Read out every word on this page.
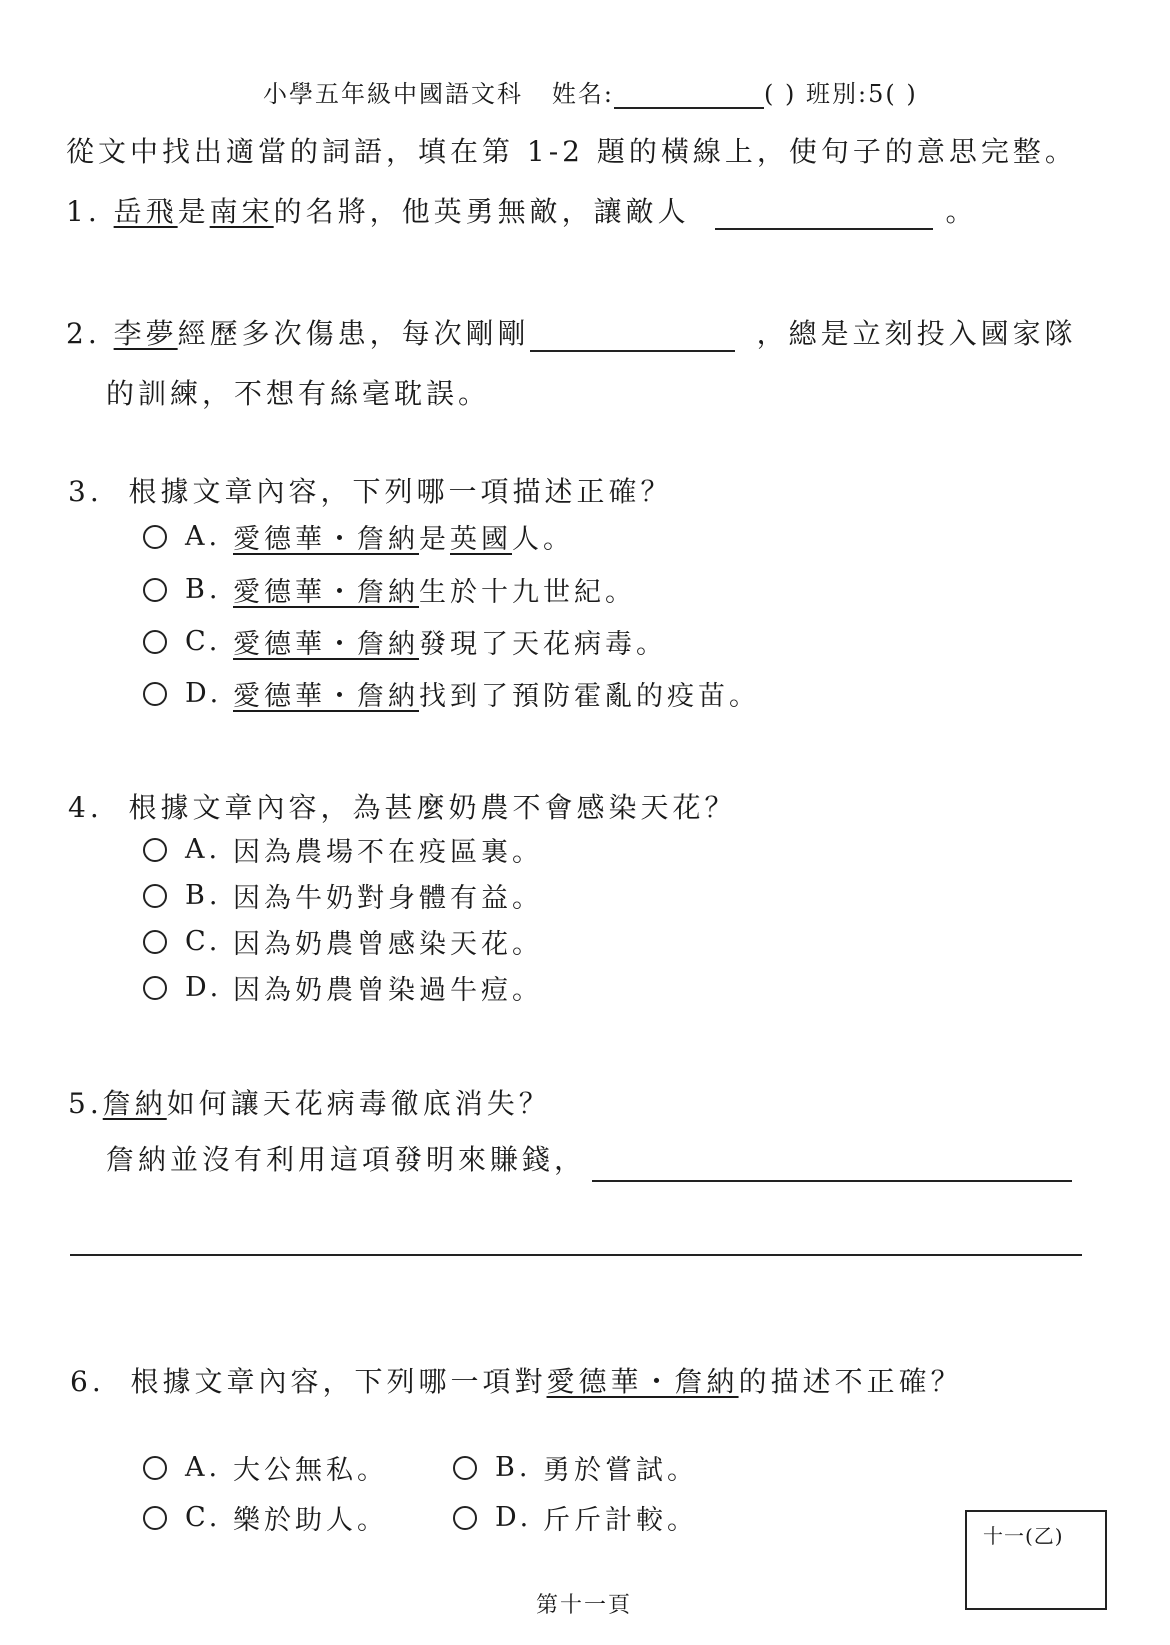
小學五年級中國語文科 姓名:	( ) 班別:5( )
從文中找出適當的詞語，填在第 1-2 題的橫線上，使句子的意思完整。
1. 岳飛是南宋的名將，他英勇無敵，讓敵人	。
2. 李夢經歷多次傷患，每次剛剛	，總是立刻投入國家隊
的訓練，不想有絲毫耽誤。
3. 根據文章內容，下列哪一項描述正確？
A. 愛德華・詹納 是 英國 人。
B. 愛德華・詹納 生於十九世紀。
C. 愛德華・詹納 發現了天花病毒。
D. 愛德華・詹納 找到了預防霍亂的疫苗。
4. 根據文章內容，為甚麼奶農不會感染天花？
A. 因為農場不在疫區裏。
B. 因為牛奶對身體有益。
C. 因為奶農曾感染天花。
D. 因為奶農曾染過牛痘。
5.詹納如何讓天花病毒徹底消失？
詹納並沒有利用這項發明來賺錢，
6. 根據文章內容，下列哪一項對愛德華・詹納的描述不正確？
A. 大公無私。	B. 勇於嘗試。
C. 樂於助人。	D. 斤斤計較。	十一(乙)
第十一頁
